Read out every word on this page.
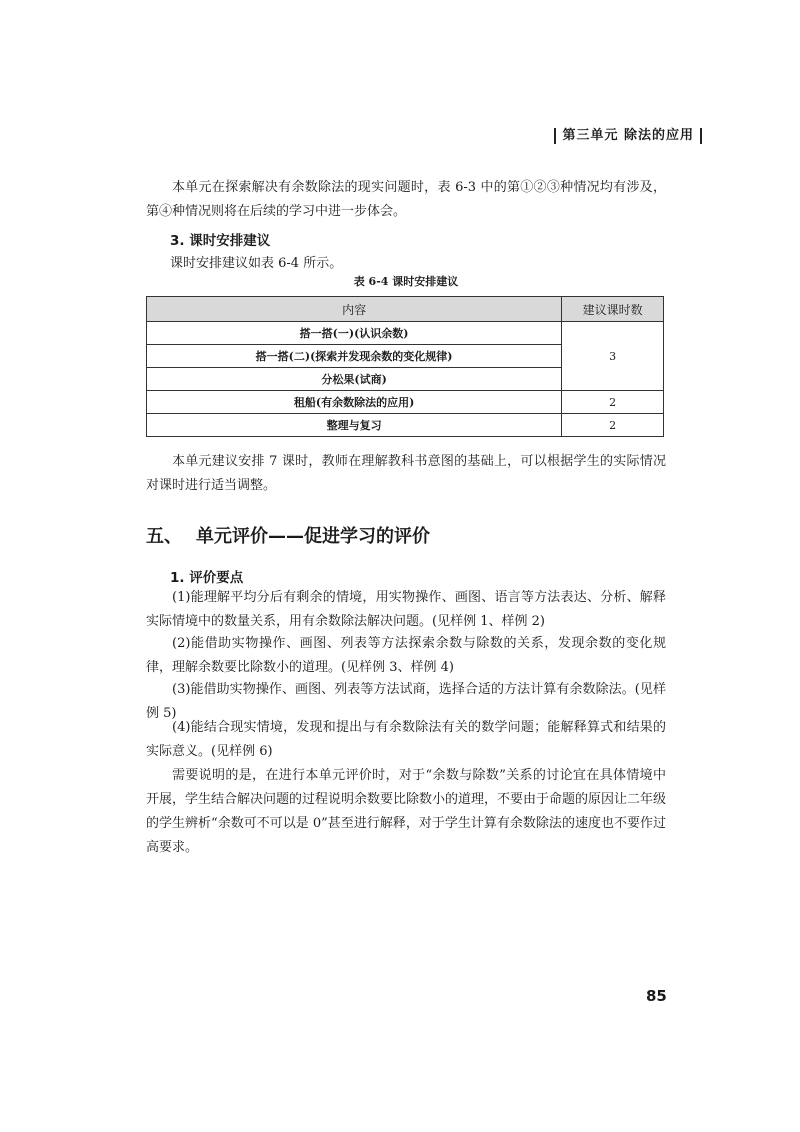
第三单元 除法的应用

本单元在探索解决有余数除法的现实问题时，表 6-3 中的第①②③种情况均有涉及，第④种情况则将在后续的学习中进一步体会。

3. 课时安排建议
课时安排建议如表 6-4 所示。
表 6-4 课时安排建议
内容	建议课时数
搭一搭(一)(认识余数)	3
搭一搭(二)(探索并发现余数的变化规律)	
分松果(试商)	
租船(有余数除法的应用)	2
整理与复习	2

本单元建议安排 7 课时，教师在理解教科书意图的基础上，可以根据学生的实际情况对课时进行适当调整。

五、 单元评价——促进学习的评价
1. 评价要点

(1)能理解平均分后有剩余的情境，用实物操作、画图、语言等方法表达、分析、解释实际情境中的数量关系，用有余数除法解决问题。(见样例 1、样例 2)

(2)能借助实物操作、画图、列表等方法探索余数与除数的关系，发现余数的变化规律，理解余数要比除数小的道理。(见样例 3、样例 4)

(3)能借助实物操作、画图、列表等方法试商，选择合适的方法计算有余数除法。(见样例 5)

(4)能结合现实情境，发现和提出与有余数除法有关的数学问题；能解释算式和结果的实际意义。(见样例 6)

需要说明的是，在进行本单元评价时，对于“余数与除数”关系的讨论宜在具体情境中开展，学生结合解决问题的过程说明余数要比除数小的道理，不要由于命题的原因让二年级的学生辨析“余数可不可以是 0”甚至进行解释，对于学生计算有余数除法的速度也不要作过高要求。

85
